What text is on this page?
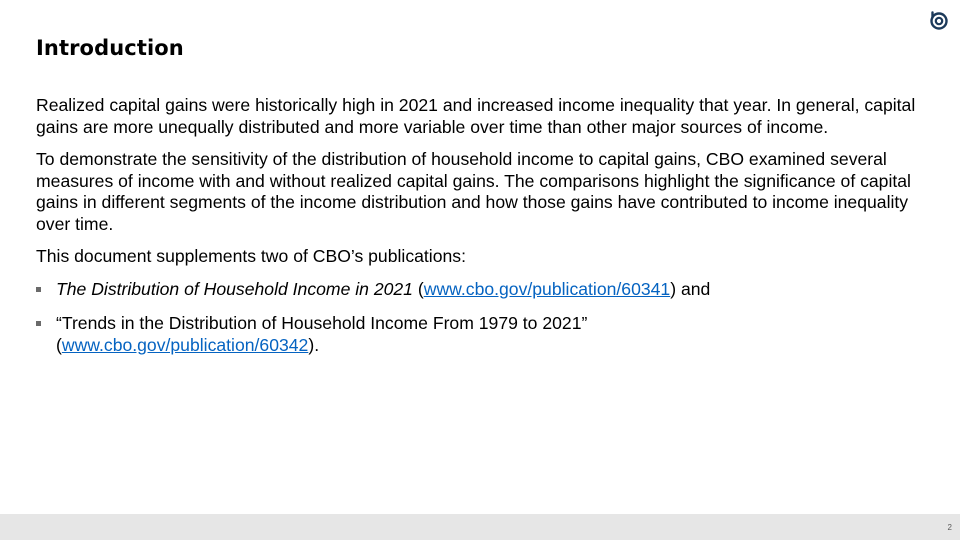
Introduction

Realized capital gains were historically high in 2021 and increased income inequality that year. In general, capital gains are more unequally distributed and more variable over time than other major sources of income.

To demonstrate the sensitivity of the distribution of household income to capital gains, CBO examined several measures of income with and without realized capital gains. The comparisons highlight the significance of capital gains in different segments of the income distribution and how those gains have contributed to income inequality over time.

This document supplements two of CBO’s publications:

The Distribution of Household Income in 2021 (www.cbo.gov/publication/60341) and
“Trends in the Distribution of Household Income From 1979 to 2021”
(www.cbo.gov/publication/60342).
2
